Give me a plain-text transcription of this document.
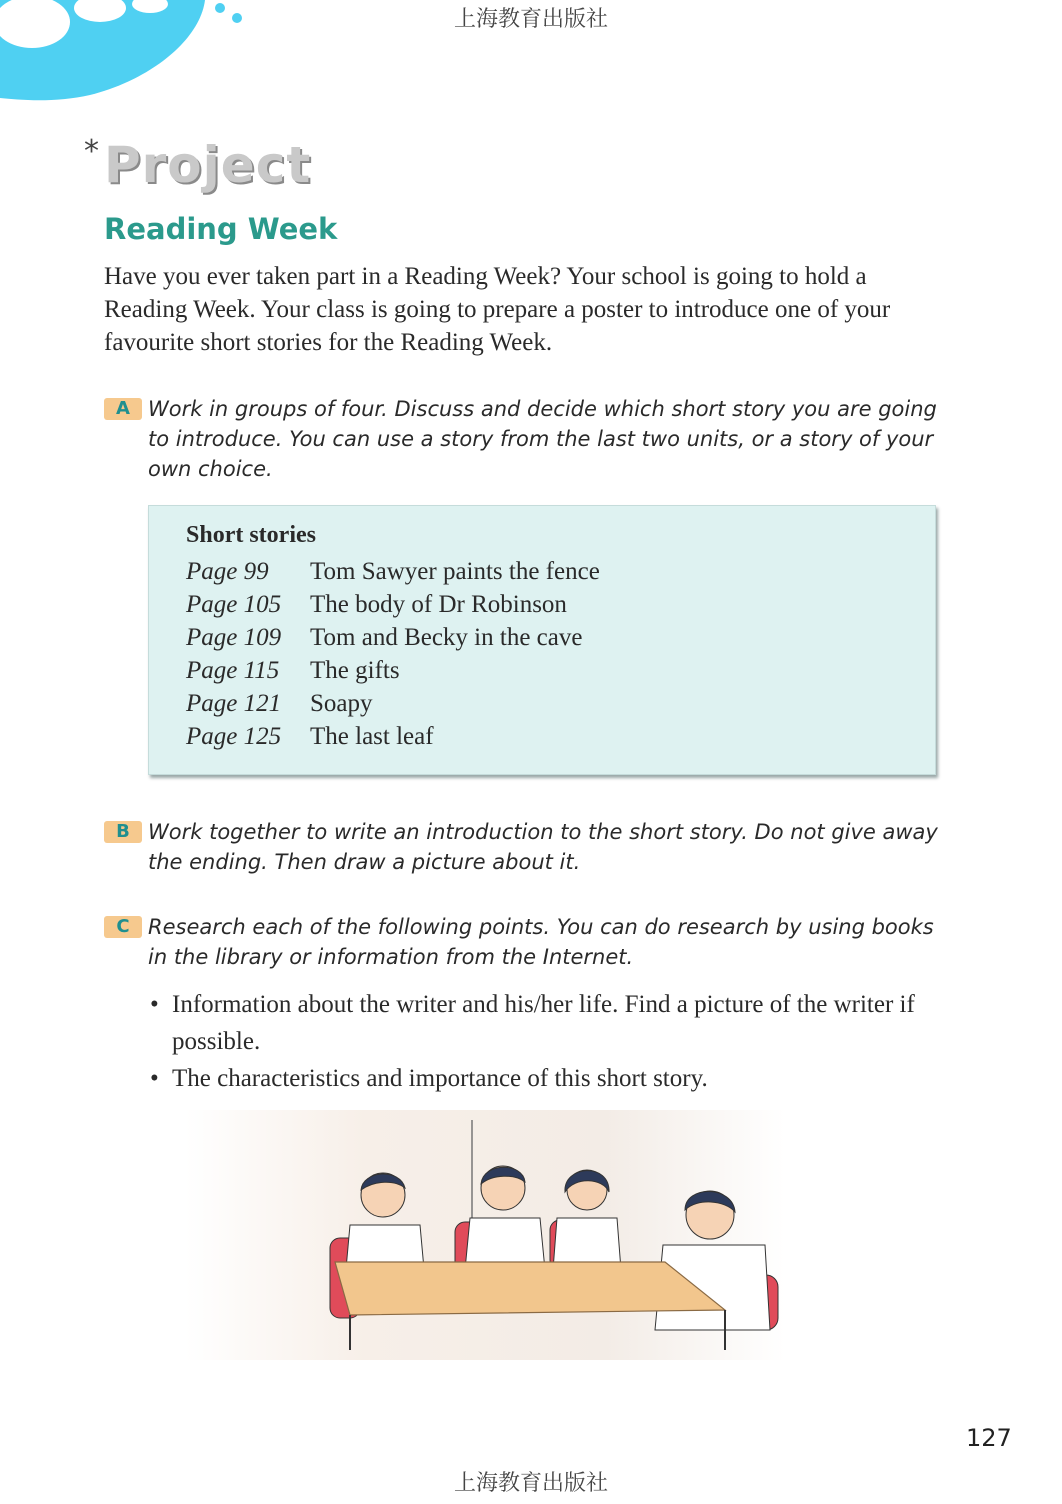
上海教育出版社
* Project
Reading Week
Have you ever taken part in a Reading Week? Your school is going to hold a Reading Week. Your class is going to prepare a poster to introduce one of your favourite short stories for the Reading Week.
A Work in groups of four. Discuss and decide which short story you are going to introduce. You can use a story from the last two units, or a story of your own choice.
Short stories
Page 99 Tom Sawyer paints the fence
Page 105 The body of Dr Robinson
Page 109 Tom and Becky in the cave
Page 115 The gifts
Page 121 Soapy
Page 125 The last leaf
B Work together to write an introduction to the short story. Do not give away the ending. Then draw a picture about it.
C Research each of the following points. You can do research by using books in the library or information from the Internet.
• Information about the writer and his/her life. Find a picture of the writer if possible.
• The characteristics and importance of this short story.
127
上海教育出版社
